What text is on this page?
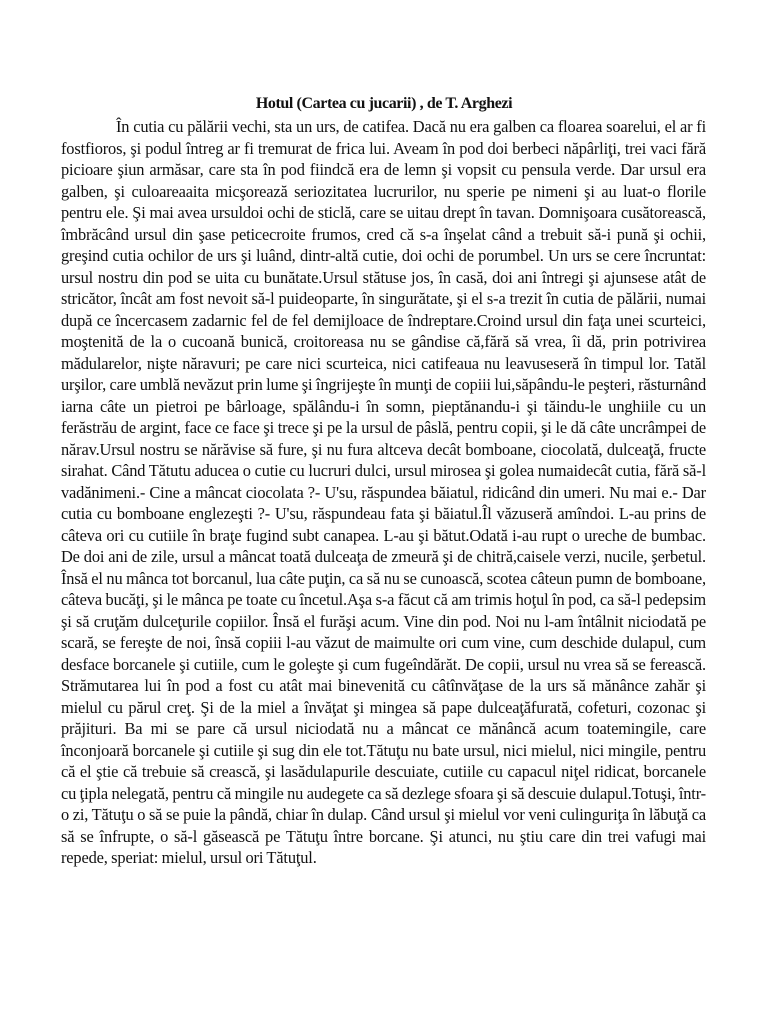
Hotul (Cartea cu jucarii) , de T. Arghezi

În cutia cu pălării vechi, sta un urs, de catifea. Dacă nu era galben ca floarea soarelui, el ar fi fostfioros, şi podul întreg ar fi tremurat de frica lui. Aveam în pod doi berbeci năpârliţi, trei vaci fără picioare şiun armăsar, care sta în pod fiindcă era de lemn şi vopsit cu pensula verde. Dar ursul era galben, şi culoareaaita micşorează seriozitatea lucrurilor, nu sperie pe nimeni şi au luat-o florile pentru ele. Şi mai avea ursuldoi ochi de sticlă, care se uitau drept în tavan. Domnişoara cusătorească, îmbrăcând ursul din şase peticecroite frumos, cred că s-a înşelat când a trebuit să-i pună şi ochii, greşind cutia ochilor de urs şi luând, dintr-altă cutie, doi ochi de porumbel. Un urs se cere încruntat: ursul nostru din pod se uita cu bunătate.Ursul stătuse jos, în casă, doi ani întregi şi ajunsese atât de stricător, încât am fost nevoit să-l puideoparte, în singurătate, şi el s-a trezit în cutia de pălării, numai după ce încercasem zadarnic fel de fel demijloace de îndreptare.Croind ursul din faţa unei scurteici, moştenită de la o cucoană bunică, croitoreasa nu se gândise că,fără să vrea, îi dă, prin potrivirea mădularelor, nişte năravuri; pe care nici scurteica, nici catifeaua nu leavuseseră în timpul lor. Tatăl urşilor, care umblă nevăzut prin lume şi îngrijeşte în munţi de copiii lui,săpându-le peşteri, răsturnând iarna câte un pietroi pe bârloage, spălându-i în somn, pieptănandu-i şi tăindu-le unghiile cu un ferăstrău de argint, face ce face şi trece şi pe la ursul de pâslă, pentru copii, şi le dă câte uncrâmpei de nărav.Ursul nostru se nărăvise să fure, şi nu fura altceva decât bomboane, ciocolată, dulceaţă, fructe sirahat. Când Tătutu aducea o cutie cu lucruri dulci, ursul mirosea şi golea numaidecât cutia, fără să-l vadănimeni.- Cine a mâncat ciocolata ?- U'su, răspundea băiatul, ridicând din umeri. Nu mai e.- Dar cutia cu bomboane englezeşti ?- U'su, răspundeau fata şi băiatul.Îl văzuseră amîndoi. L-au prins de câteva ori cu cutiile în braţe fugind subt canapea. L-au şi bătut.Odată i-au rupt o ureche de bumbac. De doi ani de zile, ursul a mâncat toată dulceaţa de zmeură şi de chitră,caisele verzi, nucile, şerbetul. Însă el nu mânca tot borcanul, lua câte puţin, ca să nu se cunoască, scotea câteun pumn de bomboane, câteva bucăţi, şi le mânca pe toate cu încetul.Aşa s-a făcut că am trimis hoţul în pod, ca să-l pedepsim şi să cruţăm dulceţurile copiilor. Însă el furăşi acum. Vine din pod. Noi nu l-am întâlnit niciodată pe scară, se fereşte de noi, însă copiii l-au văzut de maimulte ori cum vine, cum deschide dulapul, cum desface borcanele şi cutiile, cum le goleşte şi cum fugeîndărăt. De copii, ursul nu vrea să se ferească. Strămutarea lui în pod a fost cu atât mai binevenită cu câtînvăţase de la urs să mănânce zahăr şi mielul cu părul creţ. Şi de la miel a învăţat şi mingea să pape dulceaţăfurată, cofeturi, cozonac şi prăjituri. Ba mi se pare că ursul niciodată nu a mâncat ce mănâncă acum toatemingile, care înconjoară borcanele şi cutiile şi sug din ele tot.Tătuţu nu bate ursul, nici mielul, nici mingile, pentru că el ştie că trebuie să crească, şi lasădulapurile descuiate, cutiile cu capacul niţel ridicat, borcanele cu ţipla nelegată, pentru că mingile nu audegete ca să dezlege sfoara şi să descuie dulapul.Totuşi, într-o zi, Tătuţu o să se puie la pândă, chiar în dulap. Când ursul şi mielul vor veni culinguriţa în lăbuţă ca să se înfrupte, o să-l găsească pe Tătuţu între borcane. Şi atunci, nu ştiu care din trei vafugi mai repede, speriat: mielul, ursul ori Tătuţul.
